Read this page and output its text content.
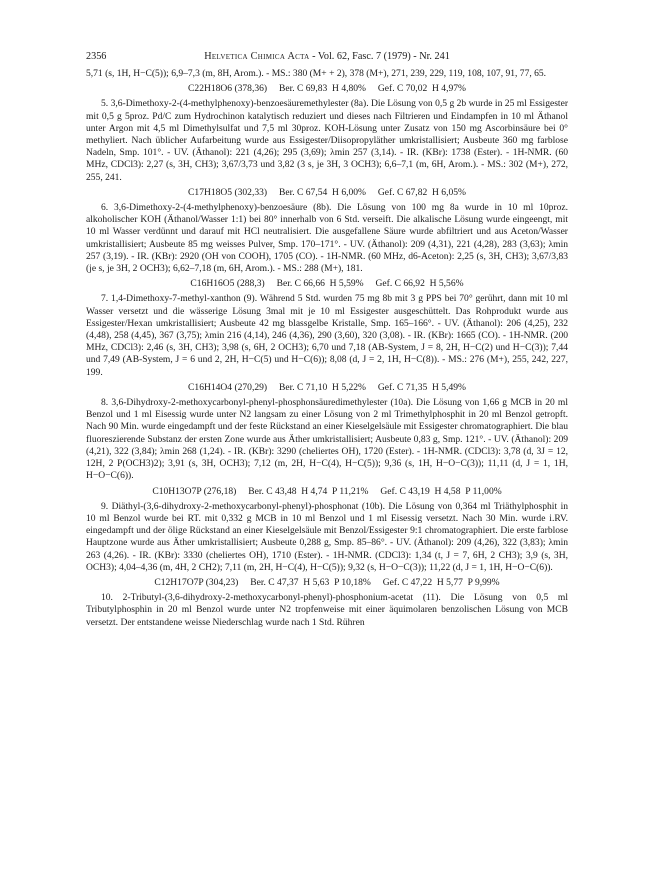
2356	Helvetica Chimica Acta - Vol. 62, Fasc. 7 (1979) - Nr. 241

5,71 (s, 1H, H−C(5)); 6,9–7,3 (m, 8H, Arom.). - MS.: 380 (M+ + 2), 378 (M+), 271, 239, 229, 119, 108, 107, 91, 77, 65.

C22H18O6 (378,36)     Ber. C 69,83  H 4,80%     Gef. C 70,02  H 4,97%

5. 3,6-Dimethoxy-2-(4-methylphenoxy)-benzoesäuremethylester (8a). Die Lösung von 0,5 g 2b wurde in 25 ml Essigester mit 0,5 g 5proz. Pd/C zum Hydrochinon katalytisch reduziert und dieses nach Filtrieren und Eindampfen in 10 ml Äthanol unter Argon mit 4,5 ml Dimethylsulfat und 7,5 ml 30proz. KOH-Lösung unter Zusatz von 150 mg Ascorbinsäure bei 0° methyliert. Nach üblicher Aufarbeitung wurde aus Essigester/Diisopropyläther umkristallisiert; Ausbeute 360 mg farblose Nadeln, Smp. 101°. - UV. (Äthanol): 221 (4,26); 295 (3,69); λmin 257 (3,14). - IR. (KBr): 1738 (Ester). - 1H-NMR. (60 MHz, CDCl3): 2,27 (s, 3H, CH3); 3,67/3,73 und 3,82 (3 s, je 3H, 3 OCH3); 6,6–7,1 (m, 6H, Arom.). - MS.: 302 (M+), 272, 255, 241.

C17H18O5 (302,33)     Ber. C 67,54  H 6,00%     Gef. C 67,82  H 6,05%

6. 3,6-Dimethoxy-2-(4-methylphenoxy)-benzoesäure (8b). Die Lösung von 100 mg 8a wurde in 10 ml 10proz. alkoholischer KOH (Äthanol/Wasser 1:1) bei 80° innerhalb von 6 Std. verseift. Die alkalische Lösung wurde eingeengt, mit 10 ml Wasser verdünnt und darauf mit HCl neutralisiert. Die ausgefallene Säure wurde abfiltriert und aus Aceton/Wasser umkristallisiert; Ausbeute 85 mg weisses Pulver, Smp. 170–171°. - UV. (Äthanol): 209 (4,31), 221 (4,28), 283 (3,63); λmin 257 (3,19). - IR. (KBr): 2920 (OH von COOH), 1705 (CO). - 1H-NMR. (60 MHz, d6-Aceton): 2,25 (s, 3H, CH3); 3,67/3,83 (je s, je 3H, 2 OCH3); 6,62–7,18 (m, 6H, Arom.). - MS.: 288 (M+), 181.

C16H16O5 (288,3)     Ber. C 66,66  H 5,59%     Gef. C 66,92  H 5,56%

7. 1,4-Dimethoxy-7-methyl-xanthon (9). Während 5 Std. wurden 75 mg 8b mit 3 g PPS bei 70° gerührt, dann mit 10 ml Wasser versetzt und die wässerige Lösung 3mal mit je 10 ml Essigester ausgeschüttelt. Das Rohprodukt wurde aus Essigester/Hexan umkristallisiert; Ausbeute 42 mg blassgelbe Kristalle, Smp. 165–166°. - UV. (Äthanol): 206 (4,25), 232 (4,48), 258 (4,45), 367 (3,75); λmin 216 (4,14), 246 (4,36), 290 (3,60), 320 (3,08). - IR. (KBr): 1665 (CO). - 1H-NMR. (200 MHz, CDCl3): 2,46 (s, 3H, CH3); 3,98 (s, 6H, 2 OCH3); 6,70 und 7,18 (AB-System, J = 8, 2H, H−C(2) und H−C(3)); 7,44 und 7,49 (AB-System, J = 6 und 2, 2H, H−C(5) und H−C(6)); 8,08 (d, J = 2, 1H, H−C(8)). - MS.: 276 (M+), 255, 242, 227, 199.

C16H14O4 (270,29)     Ber. C 71,10  H 5,22%     Gef. C 71,35  H 5,49%

8. 3,6-Dihydroxy-2-methoxycarbonyl-phenyl-phosphonsäuredimethylester (10a). Die Lösung von 1,66 g MCB in 20 ml Benzol und 1 ml Eisessig wurde unter N2 langsam zu einer Lösung von 2 ml Trimethylphosphit in 20 ml Benzol getropft. Nach 90 Min. wurde eingedampft und der feste Rückstand an einer Kieselgelsäule mit Essigester chromatographiert. Die blau fluoreszierende Substanz der ersten Zone wurde aus Äther umkristallisiert; Ausbeute 0,83 g, Smp. 121°. - UV. (Äthanol): 209 (4,21), 322 (3,84); λmin 268 (1,24). - IR. (KBr): 3290 (cheliertes OH), 1720 (Ester). - 1H-NMR. (CDCl3): 3,78 (d, 3J = 12, 12H, 2 P(OCH3)2); 3,91 (s, 3H, OCH3); 7,12 (m, 2H, H−C(4), H−C(5)); 9,36 (s, 1H, H−O−C(3)); 11,11 (d, J = 1, 1H, H−O−C(6)).

C10H13O7P (276,18)     Ber. C 43,48  H 4,74  P 11,21%     Gef. C 43,19  H 4,58  P 11,00%

9. Diäthyl-(3,6-dihydroxy-2-methoxycarbonyl-phenyl)-phosphonat (10b). Die Lösung von 0,364 ml Triäthylphosphit in 10 ml Benzol wurde bei RT. mit 0,332 g MCB in 10 ml Benzol und 1 ml Eisessig versetzt. Nach 30 Min. wurde i.RV. eingedampft und der ölige Rückstand an einer Kieselgelsäule mit Benzol/Essigester 9:1 chromatographiert. Die erste farblose Hauptzone wurde aus Äther umkristallisiert; Ausbeute 0,288 g, Smp. 85–86°. - UV. (Äthanol): 209 (4,26), 322 (3,83); λmin 263 (4,26). - IR. (KBr): 3330 (cheliertes OH), 1710 (Ester). - 1H-NMR. (CDCl3): 1,34 (t, J = 7, 6H, 2 CH3); 3,9 (s, 3H, OCH3); 4,04–4,36 (m, 4H, 2 CH2); 7,11 (m, 2H, H−C(4), H−C(5)); 9,32 (s, H−O−C(3)); 11,22 (d, J = 1, 1H, H−O−C(6)).

C12H17O7P (304,23)     Ber. C 47,37  H 5,63  P 10,18%     Gef. C 47,22  H 5,77  P 9,99%

10. 2-Tributyl-(3,6-dihydroxy-2-methoxycarbonyl-phenyl)-phosphonium-acetat (11). Die Lösung von 0,5 ml Tributylphosphin in 20 ml Benzol wurde unter N2 tropfenweise mit einer äquimolaren benzolischen Lösung von MCB versetzt. Der entstandene weisse Niederschlag wurde nach 1 Std. Rühren
